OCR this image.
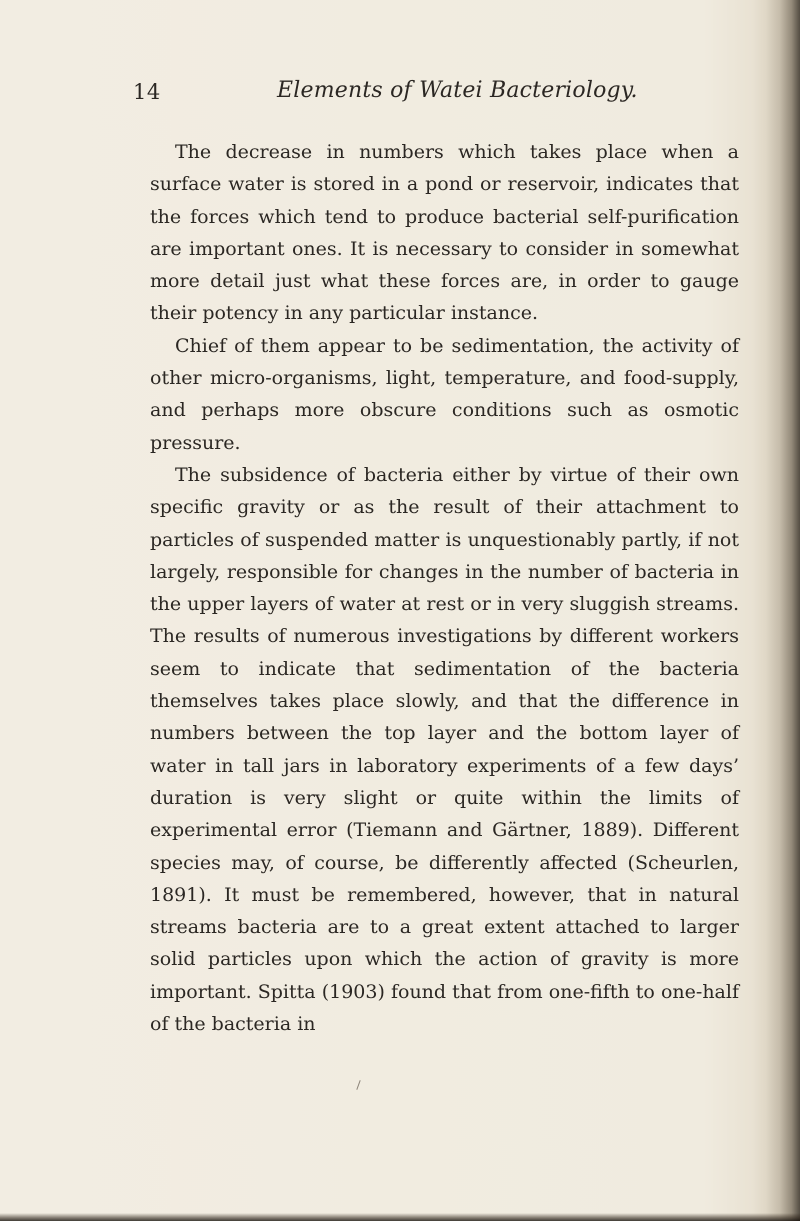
14	Elements of Watei Bacteriology.

The decrease in numbers which takes place when a surface water is stored in a pond or reservoir, indicates that the forces which tend to produce bacterial self-purification are important ones. It is necessary to consider in somewhat more detail just what these forces are, in order to gauge their potency in any particular instance.

Chief of them appear to be sedimentation, the activity of other micro-organisms, light, temperature, and food-supply, and perhaps more obscure conditions such as osmotic pressure.

The subsidence of bacteria either by virtue of their own specific gravity or as the result of their attachment to particles of suspended matter is unquestionably partly, if not largely, responsible for changes in the number of bacteria in the upper layers of water at rest or in very sluggish streams. The results of numerous investigations by different workers seem to indicate that sedimentation of the bacteria themselves takes place slowly, and that the difference in numbers between the top layer and the bottom layer of water in tall jars in laboratory experiments of a few days’ duration is very slight or quite within the limits of experimental error (Tiemann and Gärtner, 1889). Different species may, of course, be differently affected (Scheurlen, 1891). It must be remembered, however, that in natural streams bacteria are to a great extent attached to larger solid particles upon which the action of gravity is more important. Spitta (1903) found that from one-fifth to one-half of the bacteria in
